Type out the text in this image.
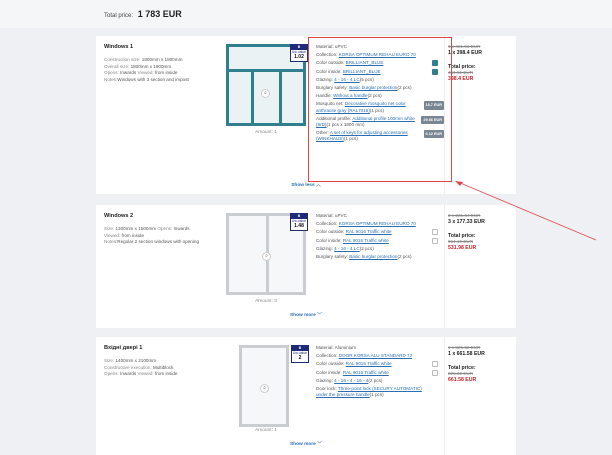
Total price: 1 783 EUR
Windows 1
Construction size: 1800mm x 1800mm
Overall size: 1800mm x 1900mm
Opens: Inwards Viewed: from inside
Notes:Windows with 3 section and impost
⌕
B
Uw-value
1.02
Amount: 1
Material: uPVC
Collection: KORSA OPTIMUM REHAU EURO 70
Color outside: BRILLIANT_BLUE
Color inside: BRILLIANT_BLUE
Glazing: 4 - 16 - 4 LC(5 pcs)
Burglary safety: Basic burglar protection(2 pcs)
Handle: Without a handle(2 pcs)
Mosquito net: Decorative mosquito net color anthracite gray (RAL7016)(1 pcs)
18.7 EUR
Additional profile: Additional profile 100mm white (8rD)(1 pcs x 1800 mm)
29.66 EUR
Other: A set of keys for adjusting accessories (WINKHAUS)(1 pcs)
6.12 EUR
1 x 481.51 EUR
1 x 398.4 EUR
Total price:
481.51 EUR
398.4 EUR
Show less ︿
Windows 2
Size: 1300mm x 1500mm Opens: Inwards
Viewed: from inside
Notes:Regular 2 section windows with opening
⌕
B
Uw-value
1.48
Amount: 3
Material: uPVC
Collection: KORSA OPTIMUM REHAU EURO 70
Color outside: RAL 9016 Traffic white
Color inside: RAL 9016 Traffic white
Glazing: 4 - 16 - 4 LC(2 pcs)
Burglary safety: Basic burglar protection(2 pcs)
3 x 221.64 EUR
3 x 177.33 EUR
Total price:
664.19 EUR
531.98 EUR
Show more ﹀
Вхідні двері 1
Size: 1400mm x 2100mm
Constructive execution: Multiblock
Opens: Inwards Viewed: from inside
⌕
B
Uw-value
2
Amount: 1
Material: Aluminium
Collection: DOOR KORSA ALU STANDARD 72
Color outside: RAL 9016 Traffic white
Color inside: RAL 9016 Traffic white
Glazing: 4 - 16 - 4 - 16 - 4(2 pcs)
Door lock: Three-point lock (SECURY AUTOMATIC) under the pressure handle(1 pcs)
1 x 826.62 EUR
1 x 661.58 EUR
Total price:
826.62 EUR
661.58 EUR
Show more ﹀
